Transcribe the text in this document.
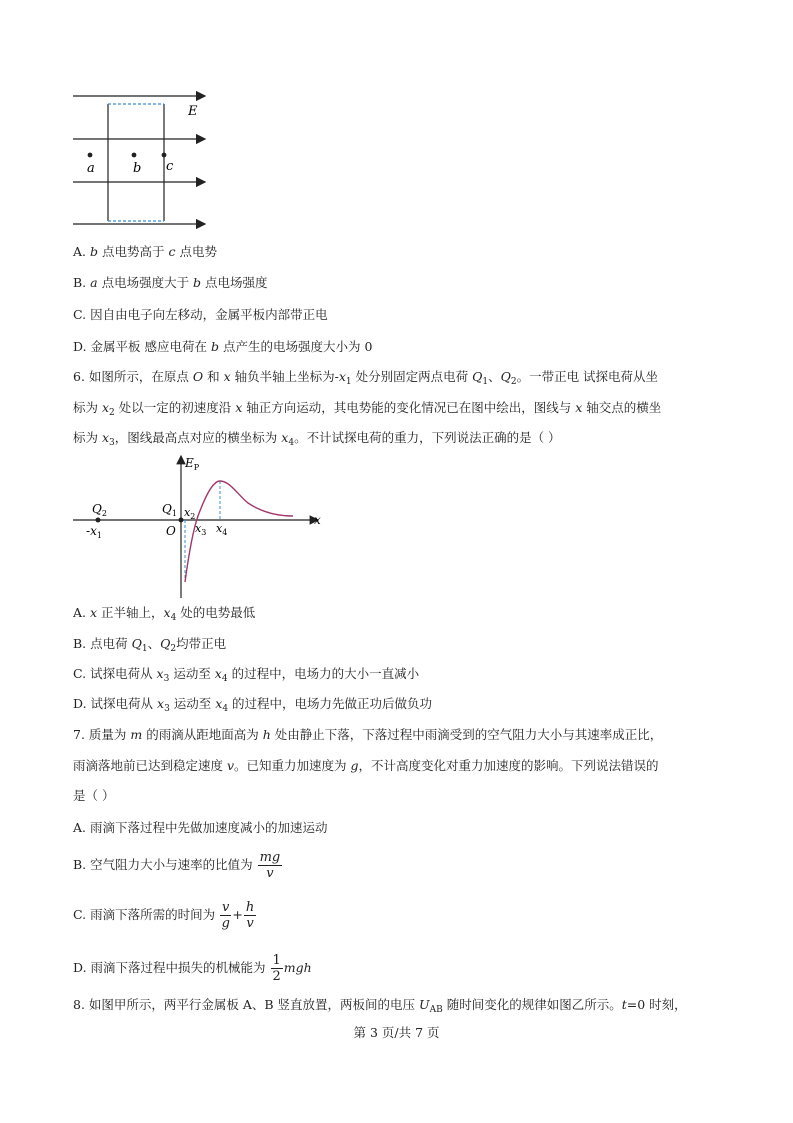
E
a	b c
A. b 点电势高于 c 点电势
B. a 点电场强度大于 b 点电场强度
C. 因自由电子向左移动，金属平板内部带正电
D. 金属平板 感应电荷在 b 点产生的电场强度大小为 0
6. 如图所示，在原点 O 和 x 轴负半轴上坐标为$-x_1$ 处分别固定两点电荷 $Q_1$、$Q_2$。一带正电 试探电荷从坐
标为 $x_2$ 处以一定的初速度沿 x 轴正方向运动，其电势能的变化情况已在图中绘出，图线与 x 轴交点的横坐
标为 $x_3$，图线最高点对应的横坐标为 $x_4$。不计试探电荷的重力，下列说法正确的是（ ）
$E_P$
x
$Q_2$
$-x_1$
$Q_1$
O
$x_2$
$x_3$ $x_4$
A. x 正半轴上，$x_4$ 处的电势最低
B. 点电荷 $Q_1$、$Q_2$均带正电
C. 试探电荷从 $x_3$ 运动至 $x_4$ 的过程中，电场力的大小一直减小
D. 试探电荷从 $x_3$ 运动至 $x_4$ 的过程中，电场力先做正功后做负功
7. 质量为 m 的雨滴从距地面高为 h 处由静止下落，下落过程中雨滴受到的空气阻力大小与其速率成正比，
雨滴落地前已达到稳定速度 v。已知重力加速度为 g，不计高度变化对重力加速度的影响。下列说法错误的
是（ ）
A. 雨滴下落过程中先做加速度减小的加速运动
B. 空气阻力大小与速率的比值为 $\frac{mg}{v}$
C. 雨滴下落所需的时间为 $\frac{v}{g} + \frac{h}{v}$
D. 雨滴下落过程中损失的机械能为 $\frac{1}{2}$ mgh
8. 如图甲所示，两平行金属板 A、B 竖直放置，两板间的电压 $U_{AB}$ 随时间变化的规律如图乙所示。t=0 时刻，
第 3 页/共 7 页
